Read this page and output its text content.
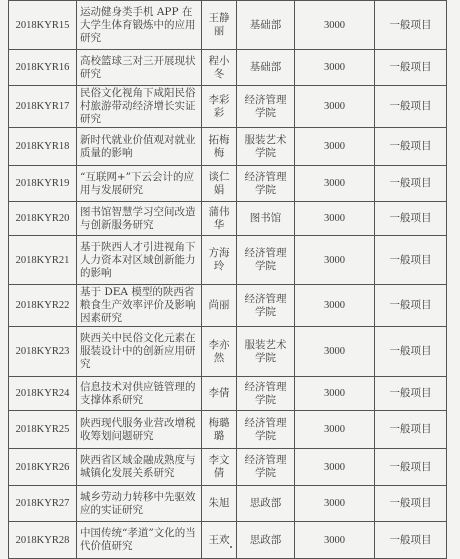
2018KYR15	运动健身类手机 APP 在大学生体育锻炼中的应用 研究	王静丽	基础部	3000	一般项目
2018KYR16	高校篮球三对三开展现状研究	程小冬	基础部	3000	一般项目
2018KYR17	民俗文化视角下咸阳民俗村旅游带动经济增长实证研究	李彩彩	经济管理学院	3000	一般项目
2018KYR18	新时代就业价值观对就业质量的影响	拓梅梅	服装艺术学院	3000	一般项目
2018KYR19	“互联网+”下云会计的应用与发展研究	谈仁娟	经济管理学院	3000	一般项目
2018KYR20	图书馆智慧学习空间改造与创新服务研究	蒲伟华	图书馆	3000	一般项目
2018KYR21	基于陕西人才引进视角下人力资本对区域创新能力的影响	方海玲	经济管理学院	3000	一般项目
2018KYR22	基于 DEA 模型的陕西省粮食生产效率评价及影响因素研究	尚丽	经济管理学院	3000	一般项目
2018KYR23	陕西关中民俗文化元素在服装设计中的创新应用研究	李亦然	服装艺术学院	3000	一般项目
2018KYR24	信息技术对供应链管理的支撑体系研究	李倩	经济管理学院	3000	一般项目
2018KYR25	陕西现代服务业营改增税收筹划问题研究	梅璐璐	经济管理学院	3000	一般项目
2018KYR26	陕西省区域金融成熟度与城镇化发展关系研究	李文倩	经济管理学院	3000	一般项目
2018KYR27	城乡劳动力转移中先驱效应的实证研究	朱旭	思政部	3000	一般项目
2018KYR28	中国传统“孝道”文化的当代价值研究	王欢	思政部	3000	一般项目
